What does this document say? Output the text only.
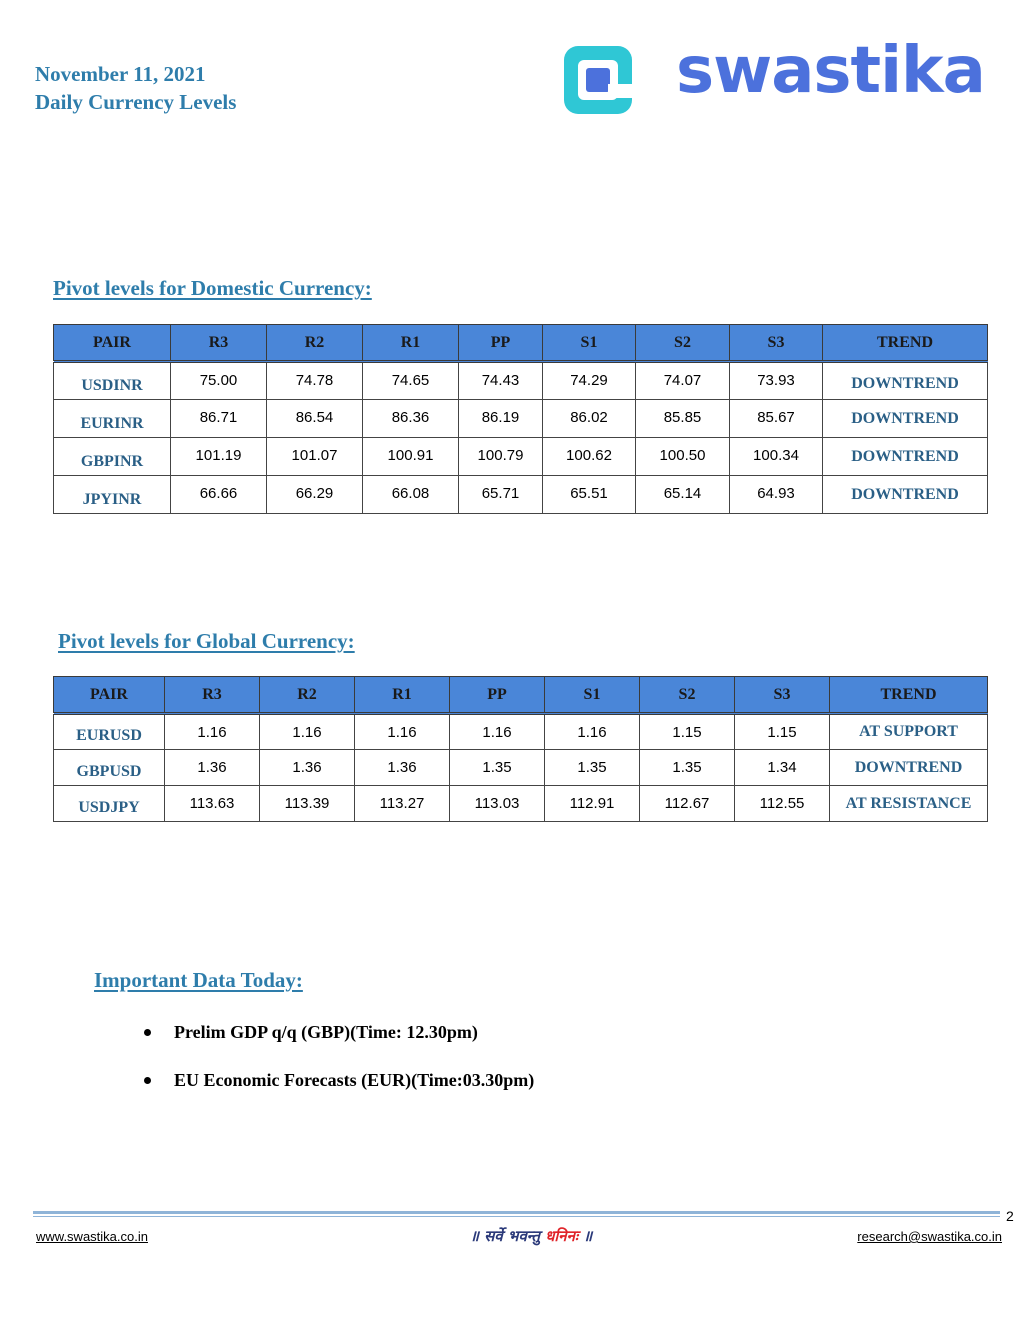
November 11, 2021
Daily Currency Levels
Pivot levels for Domestic Currency:
PAIR	R3	R2	R1	PP	S1	S2	S3	TREND
USDINR	75.00	74.78	74.65	74.43	74.29	74.07	73.93	DOWNTREND
EURINR	86.71	86.54	86.36	86.19	86.02	85.85	85.67	DOWNTREND
GBPINR	101.19	101.07	100.91	100.79	100.62	100.50	100.34	DOWNTREND
JPYINR	66.66	66.29	66.08	65.71	65.51	65.14	64.93	DOWNTREND
Pivot levels for Global Currency:
PAIR	R3	R2	R1	PP	S1	S2	S3	TREND
EURUSD	1.16	1.16	1.16	1.16	1.16	1.15	1.15	AT SUPPORT
GBPUSD	1.36	1.36	1.36	1.35	1.35	1.35	1.34	DOWNTREND
USDJPY	113.63	113.39	113.27	113.03	112.91	112.67	112.55	AT RESISTANCE
Important Data Today:
Prelim GDP q/q (GBP)(Time: 12.30pm)
EU Economic Forecasts (EUR)(Time:03.30pm)
2
www.swastika.co.in	॥ सर्वे भवन्तु धनिनः ॥	research@swastika.co.in
swastika
